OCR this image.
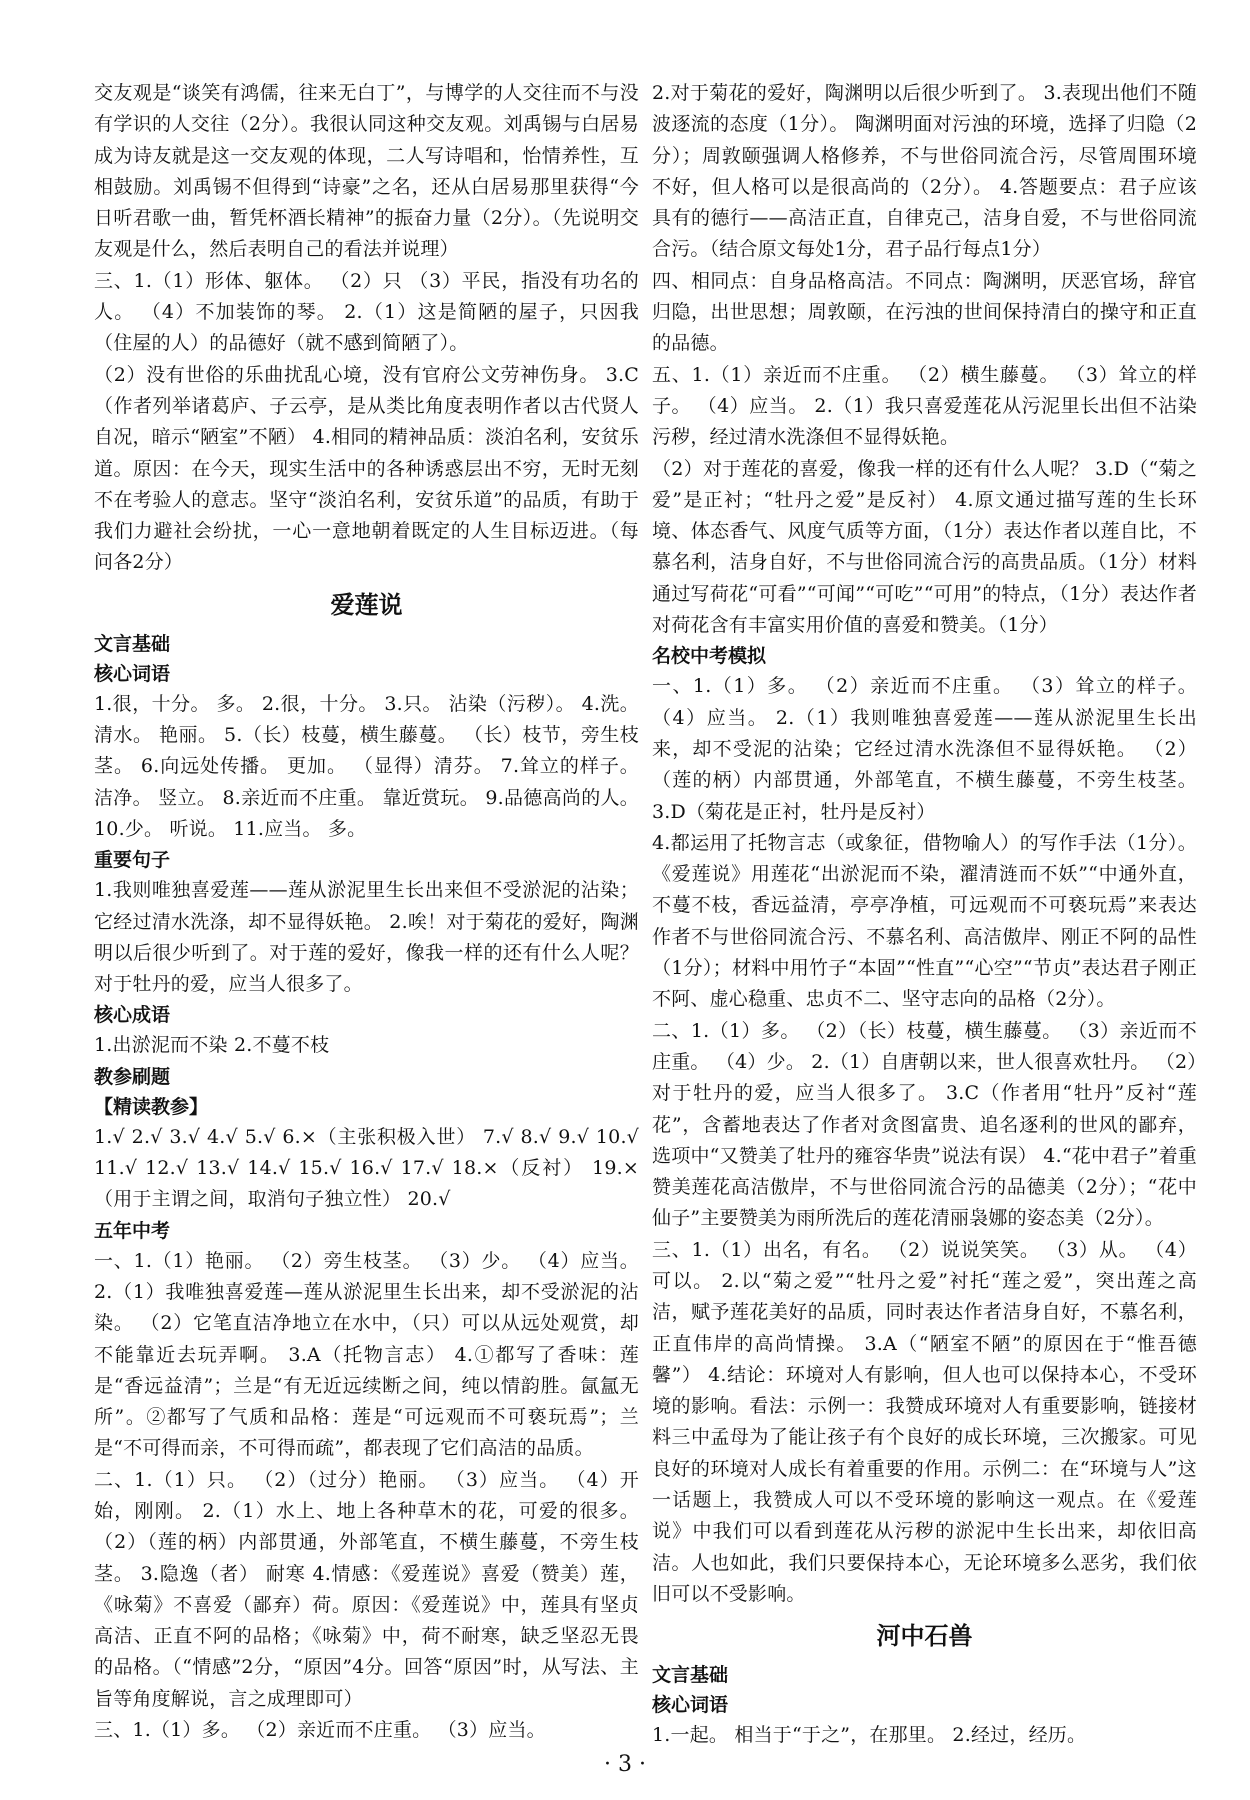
交友观是“谈笑有鸿儒，往来无白丁”，与博学的人交往而不与没有学识的人交往（2分）。我很认同这种交友观。刘禹锡与白居易成为诗友就是这一交友观的体现，二人写诗唱和，怡情养性，互相鼓励。刘禹锡不但得到“诗豪”之名，还从白居易那里获得“今日听君歌一曲，暂凭杯酒长精神”的振奋力量（2分）。（先说明交友观是什么，然后表明自己的看法并说理）

三、1.（1）形体、躯体。 （2）只 （3）平民，指没有功名的人。 （4）不加装饰的琴。 2.（1）这是简陋的屋子，只因我（住屋的人）的品德好（就不感到简陋了）。

（2）没有世俗的乐曲扰乱心境，没有官府公文劳神伤身。 3.C（作者列举诸葛庐、子云亭，是从类比角度表明作者以古代贤人自况，暗示“陋室”不陋） 4.相同的精神品质：淡泊名利，安贫乐道。原因：在今天，现实生活中的各种诱惑层出不穷，无时无刻不在考验人的意志。坚守“淡泊名利，安贫乐道”的品质，有助于我们力避社会纷扰，一心一意地朝着既定的人生目标迈进。（每问各2分）

爱莲说
文言基础
核心词语

1.很，十分。 多。 2.很，十分。 3.只。 沾染（污秽）。 4.洗。 清水。 艳丽。 5.（长）枝蔓，横生藤蔓。 （长）枝节，旁生枝茎。 6.向远处传播。 更加。 （显得）清芬。 7.耸立的样子。 洁净。 竖立。 8.亲近而不庄重。 靠近赏玩。 9.品德高尚的人。 10.少。 听说。 11.应当。 多。

重要句子

1.我则唯独喜爱莲——莲从淤泥里生长出来但不受淤泥的沾染；它经过清水洗涤，却不显得妖艳。 2.唉！对于菊花的爱好，陶渊明以后很少听到了。对于莲的爱好，像我一样的还有什么人呢？对于牡丹的爱，应当人很多了。

核心成语

1.出淤泥而不染 2.不蔓不枝

教参刷题
【精读教参】

1.√ 2.√ 3.√ 4.√ 5.√ 6.×（主张积极入世） 7.√ 8.√ 9.√ 10.√ 11.√ 12.√ 13.√ 14.√ 15.√ 16.√ 17.√ 18.×（反衬） 19.×（用于主谓之间，取消句子独立性） 20.√

五年中考

一、1.（1）艳丽。 （2）旁生枝茎。 （3）少。 （4）应当。 2.（1）我唯独喜爱莲—莲从淤泥里生长出来，却不受淤泥的沾染。 （2）它笔直洁净地立在水中，（只）可以从远处观赏，却不能靠近去玩弄啊。 3.A（托物言志） 4.①都写了香味：莲是“香远益清”；兰是“有无近远续断之间，纯以情韵胜。氤氲无所”。②都写了气质和品格：莲是“可远观而不可亵玩焉”；兰是“不可得而亲，不可得而疏”，都表现了它们高洁的品质。

二、1.（1）只。 （2）（过分）艳丽。 （3）应当。 （4）开始，刚刚。 2.（1）水上、地上各种草木的花，可爱的很多。 （2）（莲的柄）内部贯通，外部笔直，不横生藤蔓，不旁生枝茎。 3.隐逸（者） 耐寒 4.情感：《爱莲说》喜爱（赞美）莲，《咏菊》不喜爱（鄙弃）荷。原因：《爱莲说》中，莲具有坚贞高洁、正直不阿的品格；《咏菊》中，荷不耐寒，缺乏坚忍无畏的品格。（“情感”2分，“原因”4分。回答“原因”时，从写法、主旨等角度解说，言之成理即可）

三、1.（1）多。 （2）亲近而不庄重。 （3）应当。

2.对于菊花的爱好，陶渊明以后很少听到了。 3.表现出他们不随波逐流的态度（1分）。 陶渊明面对污浊的环境，选择了归隐（2分）；周敦颐强调人格修养，不与世俗同流合污，尽管周围环境不好，但人格可以是很高尚的（2分）。 4.答题要点：君子应该具有的德行——高洁正直，自律克己，洁身自爱，不与世俗同流合污。（结合原文每处1分，君子品行每点1分）

四、相同点：自身品格高洁。不同点：陶渊明，厌恶官场，辞官归隐，出世思想；周敦颐，在污浊的世间保持清白的操守和正直的品德。

五、1.（1）亲近而不庄重。 （2）横生藤蔓。 （3）耸立的样子。 （4）应当。 2.（1）我只喜爱莲花从污泥里长出但不沾染污秽，经过清水洗涤但不显得妖艳。

（2）对于莲花的喜爱，像我一样的还有什么人呢？ 3.D（“菊之爱”是正衬；“牡丹之爱”是反衬） 4.原文通过描写莲的生长环境、体态香气、风度气质等方面，（1分）表达作者以莲自比，不慕名利，洁身自好，不与世俗同流合污的高贵品质。（1分）材料通过写荷花“可看”“可闻”“可吃”“可用”的特点，（1分）表达作者对荷花含有丰富实用价值的喜爱和赞美。（1分）

名校中考模拟

一、1.（1）多。 （2）亲近而不庄重。 （3）耸立的样子。 （4）应当。 2.（1）我则唯独喜爱莲——莲从淤泥里生长出来，却不受泥的沾染；它经过清水洗涤但不显得妖艳。 （2）（莲的柄）内部贯通，外部笔直，不横生藤蔓，不旁生枝茎。 3.D（菊花是正衬，牡丹是反衬）

4.都运用了托物言志（或象征，借物喻人）的写作手法（1分）。《爱莲说》用莲花“出淤泥而不染，濯清涟而不妖”“中通外直，不蔓不枝，香远益清，亭亭净植，可远观而不可亵玩焉”来表达作者不与世俗同流合污、不慕名利、高洁傲岸、刚正不阿的品性（1分）；材料中用竹子“本固”“性直”“心空”“节贞”表达君子刚正不阿、虚心稳重、忠贞不二、坚守志向的品格（2分）。

二、1.（1）多。 （2）（长）枝蔓，横生藤蔓。 （3）亲近而不庄重。 （4）少。 2.（1）自唐朝以来，世人很喜欢牡丹。 （2）对于牡丹的爱，应当人很多了。 3.C（作者用“牡丹”反衬“莲花”，含蓄地表达了作者对贪图富贵、追名逐利的世风的鄙弃，选项中“又赞美了牡丹的雍容华贵”说法有误） 4.“花中君子”着重赞美莲花高洁傲岸，不与世俗同流合污的品德美（2分）；“花中仙子”主要赞美为雨所洗后的莲花清丽袅娜的姿态美（2分）。

三、1.（1）出名，有名。 （2）说说笑笑。 （3）从。 （4）可以。 2.以“菊之爱”“牡丹之爱”衬托“莲之爱”，突出莲之高洁，赋予莲花美好的品质，同时表达作者洁身自好，不慕名利，正直伟岸的高尚情操。 3.A（“陋室不陋”的原因在于“惟吾德馨”） 4.结论：环境对人有影响，但人也可以保持本心，不受环境的影响。看法：示例一：我赞成环境对人有重要影响，链接材料三中孟母为了能让孩子有个良好的成长环境，三次搬家。可见良好的环境对人成长有着重要的作用。示例二：在“环境与人”这一话题上，我赞成人可以不受环境的影响这一观点。在《爱莲说》中我们可以看到莲花从污秽的淤泥中生长出来，却依旧高洁。人也如此，我们只要保持本心，无论环境多么恶劣，我们依旧可以不受影响。

河中石兽
文言基础
核心词语

1.一起。 相当于“于之”，在那里。 2.经过，经历。

· 3 ·
